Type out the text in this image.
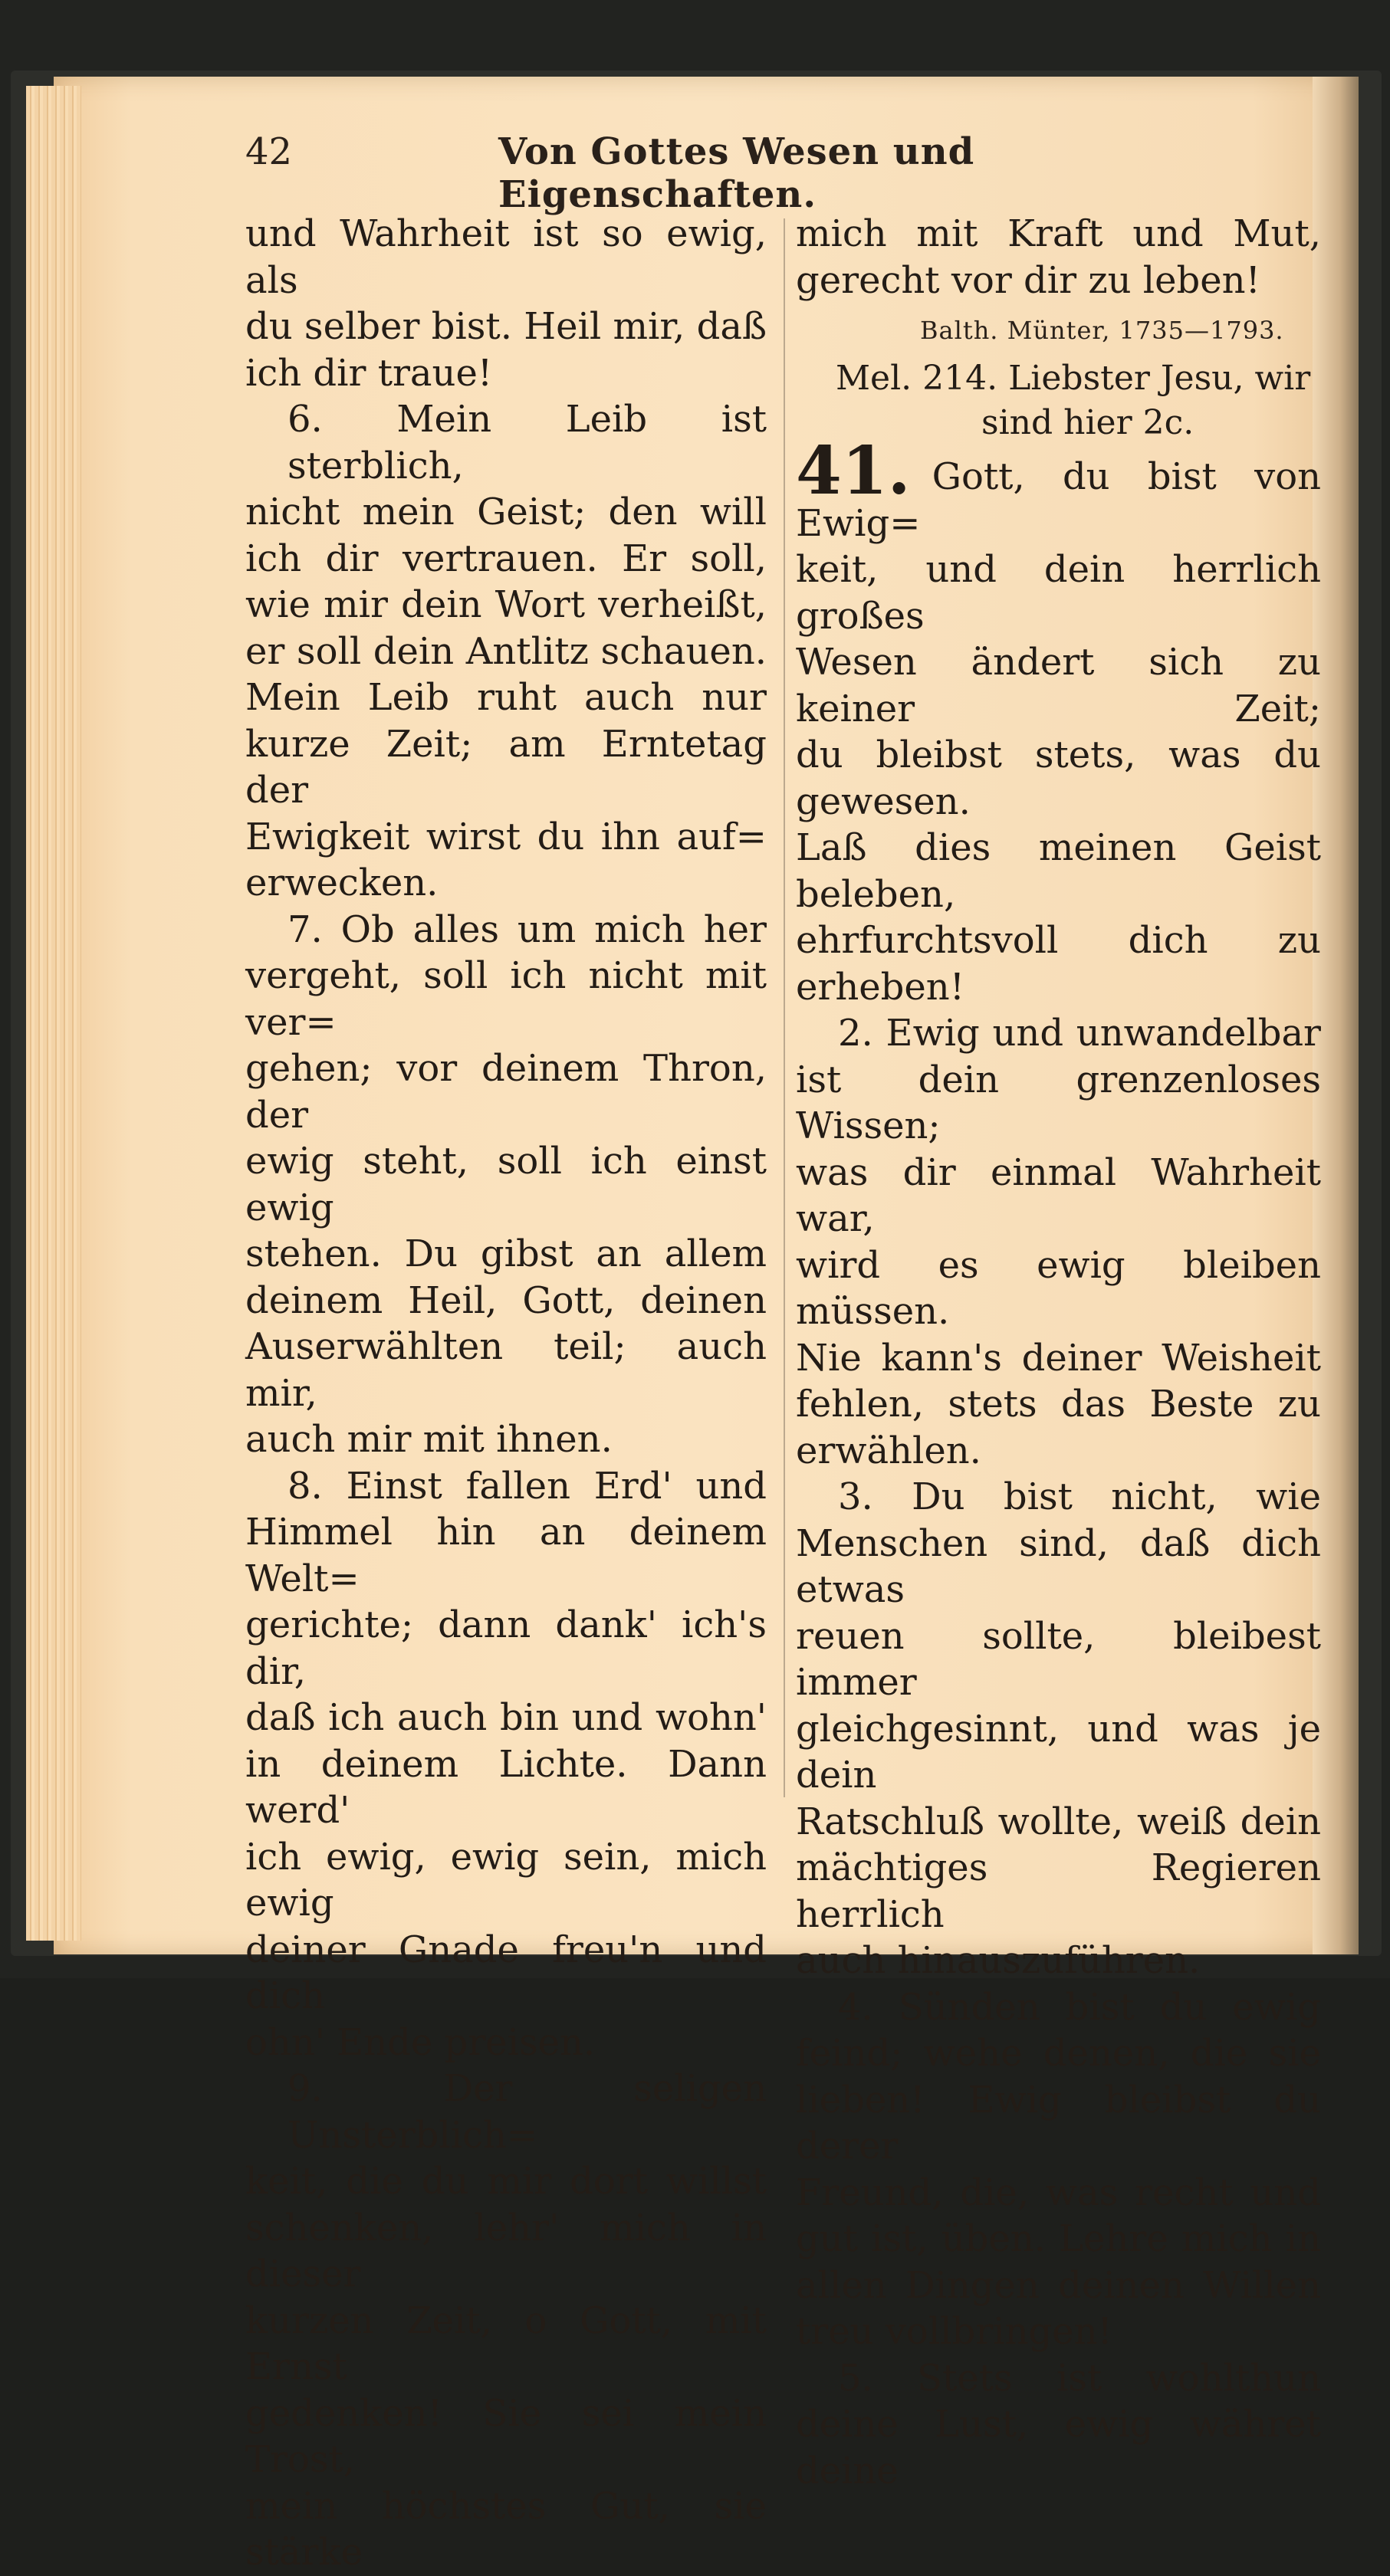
42	Von Gottes Wesen und Eigenschaften.

und Wahrheit ist so ewig, als

du selber bist. Heil mir, daß

ich dir traue!

6. Mein Leib ist sterblich,

nicht mein Geist; den will

ich dir vertrauen. Er soll,

wie mir dein Wort verheißt,

er soll dein Antlitz schauen.

Mein Leib ruht auch nur

kurze Zeit; am Erntetag der

Ewigkeit wirst du ihn auf=

erwecken.

7. Ob alles um mich her

vergeht, soll ich nicht mit ver=

gehen; vor deinem Thron, der

ewig steht, soll ich einst ewig

stehen. Du gibst an allem

deinem Heil, Gott, deinen

Auserwählten teil; auch mir,

auch mir mit ihnen.

8. Einst fallen Erd' und

Himmel hin an deinem Welt=

gerichte; dann dank' ich's dir,

daß ich auch bin und wohn'

in deinem Lichte. Dann werd'

ich ewig, ewig sein, mich ewig

deiner Gnade freu'n und dich

ohn' Ende preisen.

9. Der seligen Unsterblich=

keit, die du mir dort willst

schenken, lehr' mich in dieser

kurzen Zeit, o Gott, mit Ernst

gedenken! Sie sei mein Trost,

mein höchstes Gut, sie stärke

mich mit Kraft und Mut,

gerecht vor dir zu leben!

Balth. Münter, 1735—1793.
Mel. 214. Liebster Jesu, wir
sind hier 2c.

41. Gott, du bist von Ewig=

keit, und dein herrlich großes

Wesen ändert sich zu keiner Zeit;

du bleibst stets, was du gewesen.

Laß dies meinen Geist beleben,

ehrfurchtsvoll dich zu erheben!

2. Ewig und unwandelbar

ist dein grenzenloses Wissen;

was dir einmal Wahrheit war,

wird es ewig bleiben müssen.

Nie kann's deiner Weisheit

fehlen, stets das Beste zu

erwählen.

3. Du bist nicht, wie

Menschen sind, daß dich etwas

reuen sollte, bleibest immer

gleichgesinnt, und was je dein

Ratschluß wollte, weiß dein

mächtiges Regieren herrlich

auch hinauszuführen.

4. Sünden bist du ewig

feind; wehe denen, die sie

lieben! Ewig bleibst du derer

Freund, die, was recht und

gut ist, üben. Lehre mich in

allen Dingen deinen Willen

treu vollbringen!

5. Stets ist wohlthun

deine Lust, ewig währet deine
